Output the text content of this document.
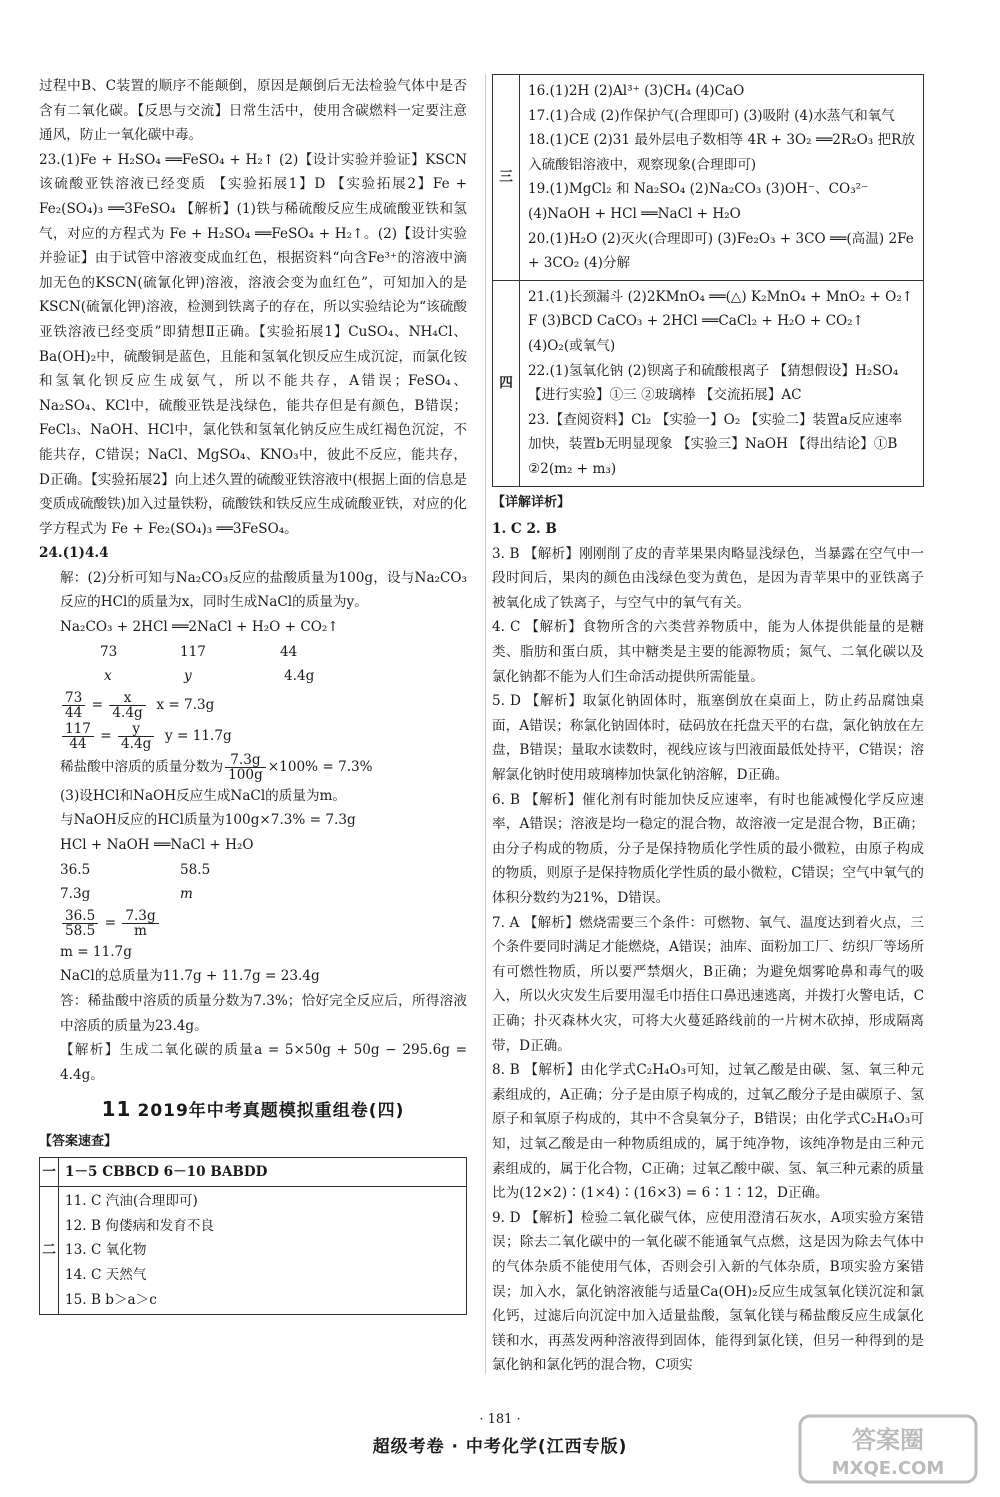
过程中B、C装置的顺序不能颠倒，原因是颠倒后无法检验气体中是否含有二氧化碳。【反思与交流】日常生活中，使用含碳燃料一定要注意通风，防止一氧化碳中毒。

23.(1)Fe + H₂SO₄ ══FeSO₄ + H₂↑ (2)【设计实验并验证】KSCN 该硫酸亚铁溶液已经变质 【实验拓展1】D 【实验拓展2】Fe + Fe₂(SO₄)₃ ══3FeSO₄ 【解析】(1)铁与稀硫酸反应生成硫酸亚铁和氢气，对应的方程式为 Fe + H₂SO₄ ══FeSO₄ + H₂↑。(2)【设计实验并验证】由于试管中溶液变成血红色，根据资料“向含Fe³⁺的溶液中滴加无色的KSCN(硫氰化钾)溶液，溶液会变为血红色”，可知加入的是KSCN(硫氰化钾)溶液，检测到铁离子的存在，所以实验结论为“该硫酸亚铁溶液已经变质”即猜想Ⅱ正确。【实验拓展1】CuSO₄、NH₄Cl、Ba(OH)₂中，硫酸铜是蓝色，且能和氢氧化钡反应生成沉淀，而氯化铵和氢氧化钡反应生成氨气，所以不能共存，A错误；FeSO₄、Na₂SO₄、KCl中，硫酸亚铁是浅绿色，能共存但是有颜色，B错误；FeCl₃、NaOH、HCl中，氯化铁和氢氧化钠反应生成红褐色沉淀，不能共存，C错误；NaCl、MgSO₄、KNO₃中，彼此不反应，能共存，D正确。【实验拓展2】向上述久置的硫酸亚铁溶液中(根据上面的信息是变质成硫酸铁)加入过量铁粉，硫酸铁和铁反应生成硫酸亚铁，对应的化学方程式为 Fe + Fe₂(SO₄)₃ ══3FeSO₄。

24.(1)4.4

解：(2)分析可知与Na₂CO₃反应的盐酸质量为100g，设与Na₂CO₃反应的HCl的质量为x，同时生成NaCl的质量为y。

Na₂CO₃ + 2HCl ══2NaCl + H₂O + CO₂↑
73	117	44
x	y	4.4g
$\frac{73}{44} = \frac{x}{4.4g}$ x = 7.3g
$\frac{117}{44} = \frac{y}{4.4g}$ y = 11.7g
稀盐酸中溶质的质量分数为 $\frac{7.3g}{100g} \times 100\% = 7.3\%$
(3)设HCl和NaOH反应生成NaCl的质量为m。
与NaOH反应的HCl质量为100g×7.3% = 7.3g
HCl + NaOH ══NaCl + H₂O
36.5	58.5
7.3g	m
$\frac{36.5}{58.5} = \frac{7.3g}{m}$
m = 11.7g
NaCl的总质量为11.7g + 11.7g = 23.4g

答：稀盐酸中溶质的质量分数为7.3%；恰好完全反应后，所得溶液中溶质的质量为23.4g。

【解析】生成二氧化碳的质量a = 5×50g + 50g − 295.6g = 4.4g。

11 2019年中考真题模拟重组卷(四)
【答案速查】
一	1－5 CBBCD 6－10 BABDD
二	11. C 汽油(合理即可)
12. B 佝偻病和发育不良
13. C 氧化物
14. C 天然气
15. B b＞a＞c
三
16.(1)2H (2)Al³⁺ (3)CH₄ (4)CaO
17.(1)合成 (2)作保护气(合理即可) (3)吸附 (4)水蒸气和氧气
18.(1)CE (2)31 最外层电子数相等 4R + 3O₂ ══2R₂O₃ 把R放入硫酸铝溶液中，观察现象(合理即可)
19.(1)MgCl₂ 和 Na₂SO₄ (2)Na₂CO₃ (3)OH⁻、CO₃²⁻ (4)NaOH + HCl ══NaCl + H₂O
20.(1)H₂O (2)灭火(合理即可) (3)Fe₂O₃ + 3CO ══(高温) 2Fe + 3CO₂ (4)分解
四
21.(1)长颈漏斗 (2)2KMnO₄ ══(△) K₂MnO₄ + MnO₂ + O₂↑ F (3)BCD CaCO₃ + 2HCl ══CaCl₂ + H₂O + CO₂↑ (4)O₂(或氧气)
22.(1)氢氧化钠 (2)钡离子和硫酸根离子 【猜想假设】H₂SO₄ 【进行实验】①三 ②玻璃棒 【交流拓展】AC
23.【查阅资料】Cl₂ 【实验一】O₂ 【实验二】装置a反应速率加快，装置b无明显现象 【实验三】NaOH 【得出结论】①B ②2(m₂ + m₃)
【详解详析】

1. C 2. B

3. B 【解析】刚刚削了皮的青苹果果肉略显浅绿色，当暴露在空气中一段时间后，果肉的颜色由浅绿色变为黄色，是因为青苹果中的亚铁离子被氧化成了铁离子，与空气中的氧气有关。

4. C 【解析】食物所含的六类营养物质中，能为人体提供能量的是糖类、脂肪和蛋白质，其中糖类是主要的能源物质；氮气、二氧化碳以及氯化钠都不能为人们生命活动提供所需能量。

5. D 【解析】取氯化钠固体时，瓶塞倒放在桌面上，防止药品腐蚀桌面，A错误；称氯化钠固体时，砝码放在托盘天平的右盘，氯化钠放在左盘，B错误；量取水读数时，视线应该与凹液面最低处持平，C错误；溶解氯化钠时使用玻璃棒加快氯化钠溶解，D正确。

6. B 【解析】催化剂有时能加快反应速率，有时也能减慢化学反应速率，A错误；溶液是均一稳定的混合物，故溶液一定是混合物，B正确；由分子构成的物质，分子是保持物质化学性质的最小微粒，由原子构成的物质，则原子是保持物质化学性质的最小微粒，C错误；空气中氧气的体积分数约为21%，D错误。

7. A 【解析】燃烧需要三个条件：可燃物、氧气、温度达到着火点，三个条件要同时满足才能燃烧，A错误；油库、面粉加工厂、纺织厂等场所有可燃性物质，所以要严禁烟火，B正确；为避免烟雾呛鼻和毒气的吸入，所以火灾发生后要用湿毛巾捂住口鼻迅速逃离，并拨打火警电话，C正确；扑灭森林火灾，可将大火蔓延路线前的一片树木砍掉，形成隔离带，D正确。

8. B 【解析】由化学式C₂H₄O₃可知，过氧乙酸是由碳、氢、氧三种元素组成的，A正确；分子是由原子构成的，过氧乙酸分子是由碳原子、氢原子和氧原子构成的，其中不含臭氧分子，B错误；由化学式C₂H₄O₃可知，过氧乙酸是由一种物质组成的，属于纯净物，该纯净物是由三种元素组成的，属于化合物，C正确；过氧乙酸中碳、氢、氧三种元素的质量比为(12×2)∶(1×4)∶(16×3) = 6∶1∶12，D正确。

9. D 【解析】检验二氧化碳气体，应使用澄清石灰水，A项实验方案错误；除去二氧化碳中的一氧化碳不能通氧气点燃，这是因为除去气体中的气体杂质不能使用气体，否则会引入新的气体杂质，B项实验方案错误；加入水，氯化钠溶液能与适量Ca(OH)₂反应生成氢氧化镁沉淀和氯化钙，过滤后向沉淀中加入适量盐酸，氢氧化镁与稀盐酸反应生成氯化镁和水，再蒸发两种溶液得到固体，能得到氯化镁，但另一种得到的是氯化钠和氯化钙的混合物，C项实

· 181 ·
超级考卷 · 中考化学(江西专版)	答案圈
MXQE.COM
